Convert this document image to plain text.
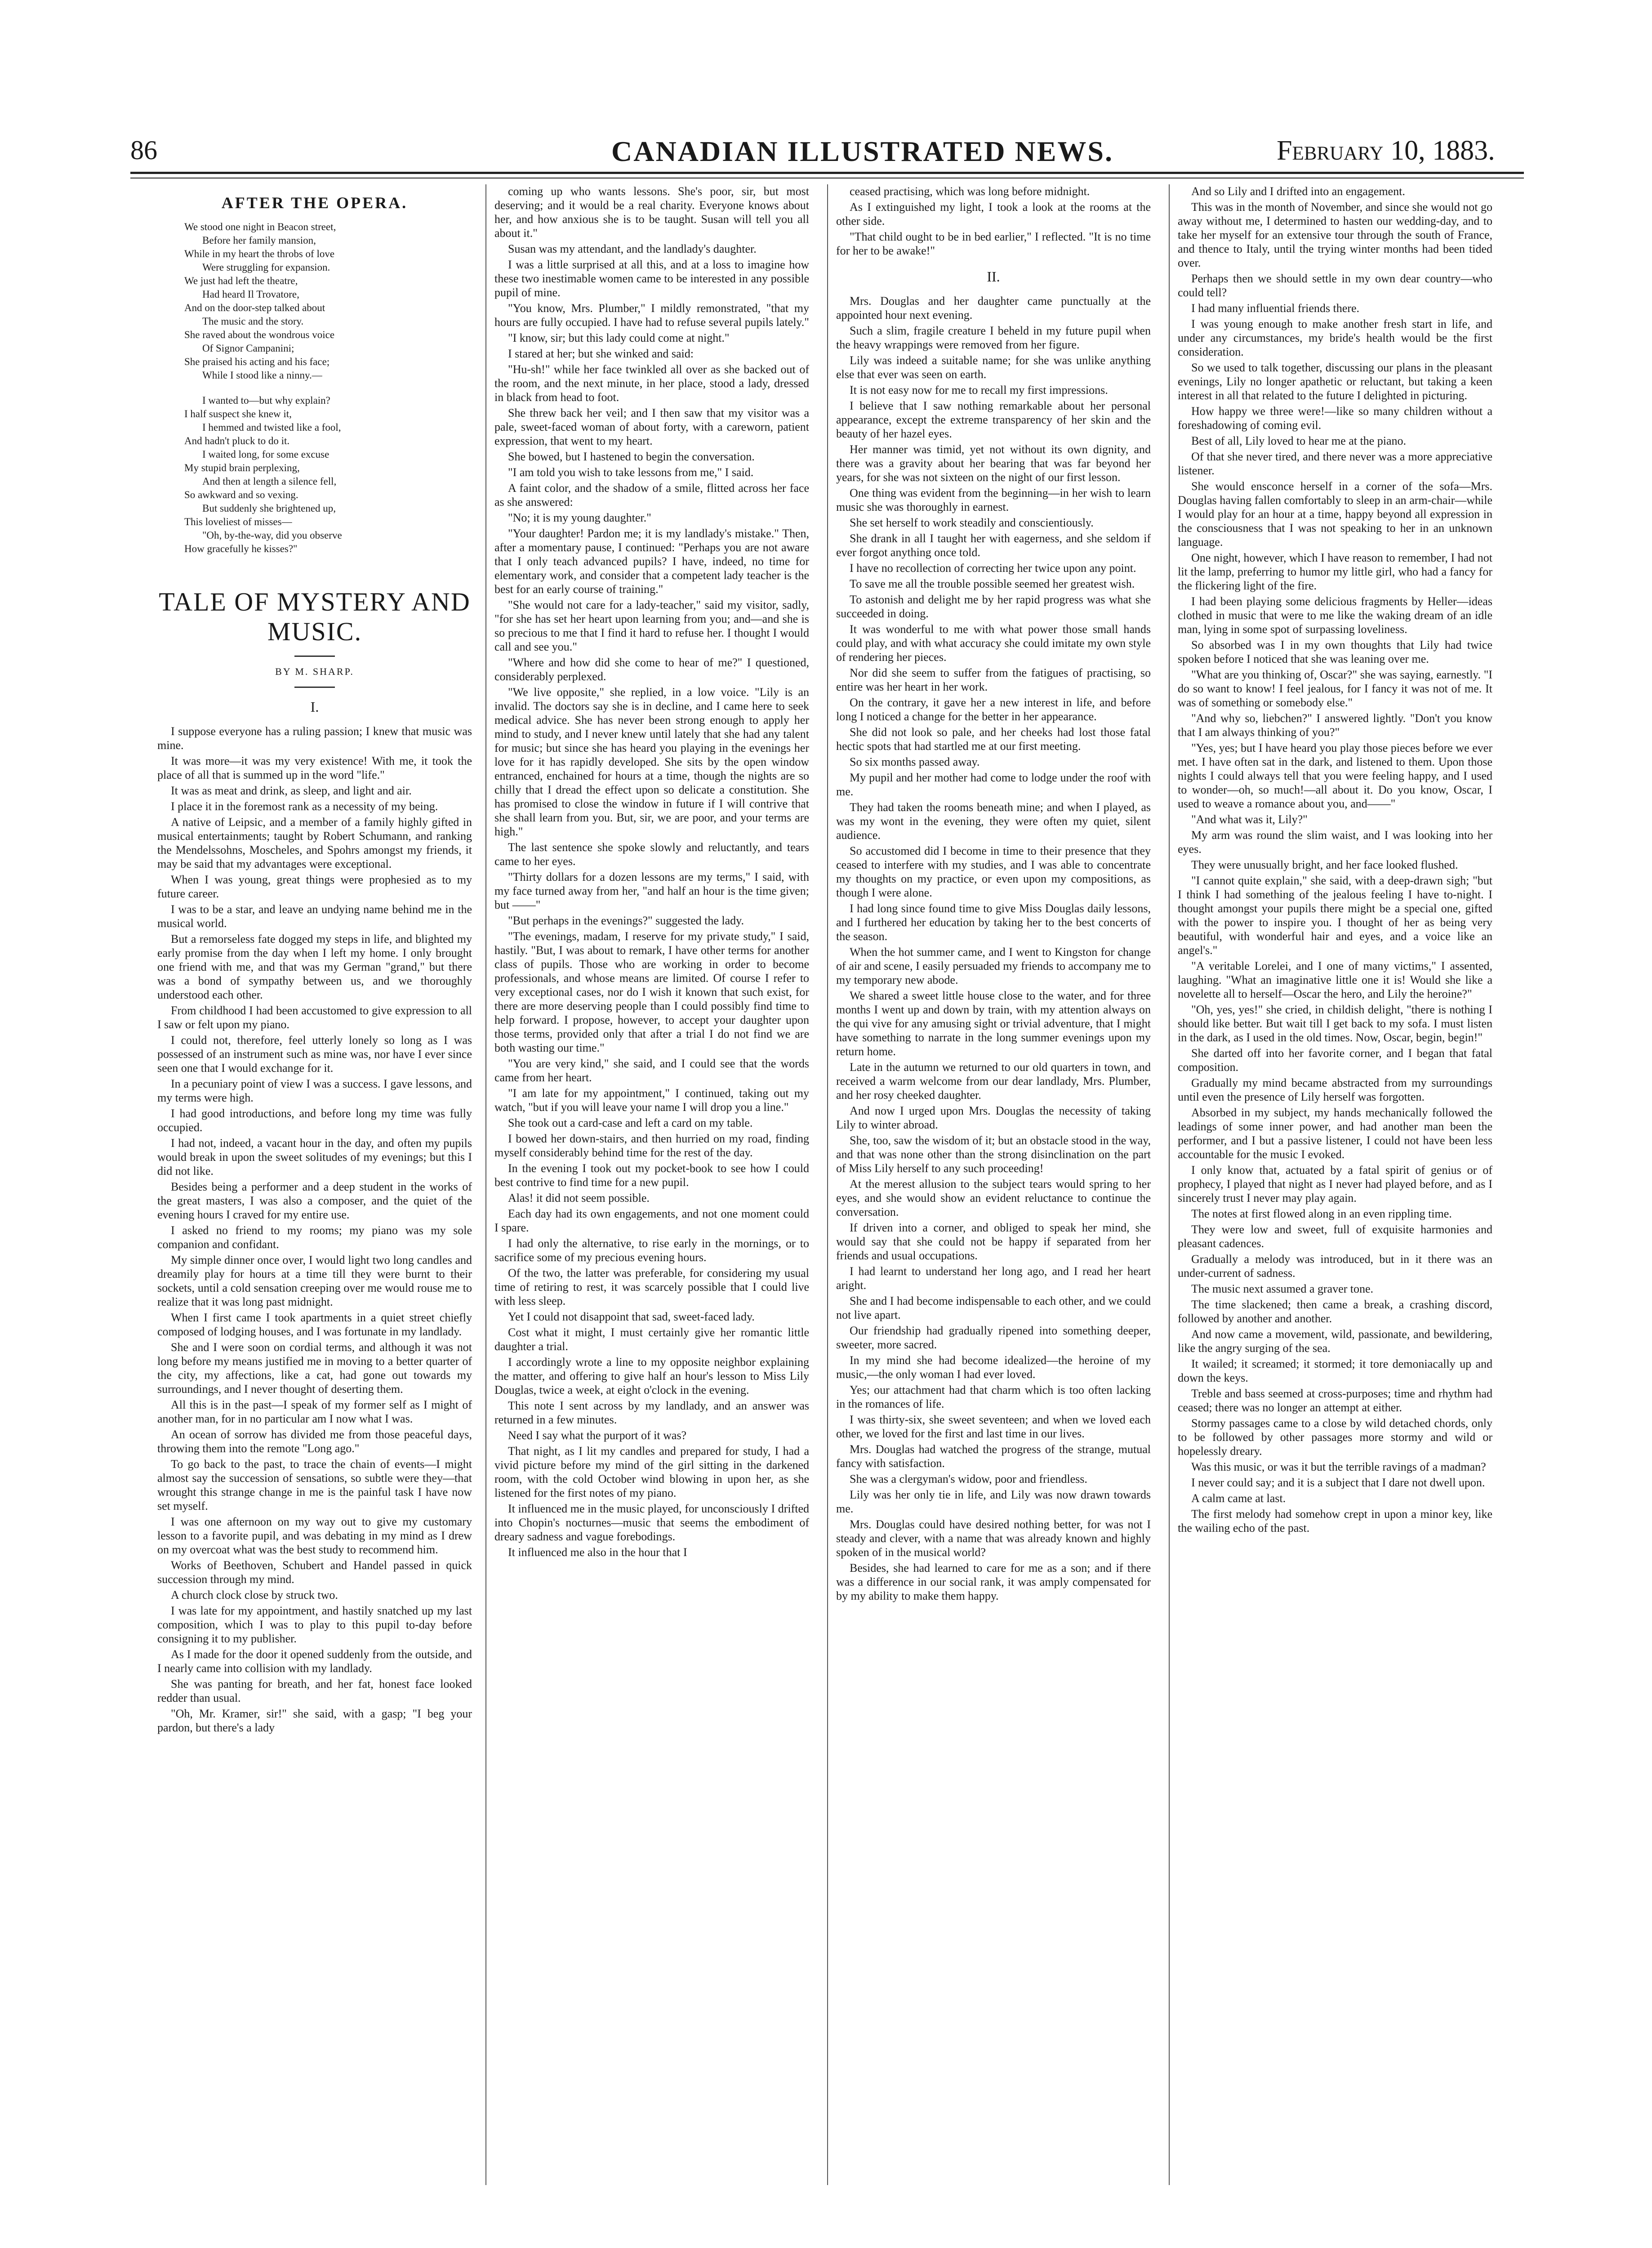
86	CANADIAN ILLUSTRATED NEWS.	February 10, 1883.
AFTER THE OPERA.
We stood one night in Beacon street,
Before her family mansion,
While in my heart the throbs of love
Were struggling for expansion.
We just had left the theatre,
Had heard Il Trovatore,
And on the door-step talked about
The music and the story.
She raved about the wondrous voice
Of Signor Campanini;
She praised his acting and his face;
While I stood like a ninny.—
I wanted to—but why explain?
I half suspect she knew it,
I hemmed and twisted like a fool,
And hadn't pluck to do it.
I waited long, for some excuse
My stupid brain perplexing,
And then at length a silence fell,
So awkward and so vexing.
But suddenly she brightened up,
This loveliest of misses—
"Oh, by-the-way, did you observe
How gracefully he kisses?"
TALE OF MYSTERY AND MUSIC.
BY M. SHARP.
I.

I suppose everyone has a ruling passion; I knew that music was mine.

It was more—it was my very existence! With me, it took the place of all that is summed up in the word "life."

It was as meat and drink, as sleep, and light and air.

I place it in the foremost rank as a necessity of my being.

A native of Leipsic, and a member of a family highly gifted in musical entertainments; taught by Robert Schumann, and ranking the Mendelssohns, Moscheles, and Spohrs amongst my friends, it may be said that my advantages were exceptional.

When I was young, great things were prophesied as to my future career.

I was to be a star, and leave an undying name behind me in the musical world.

But a remorseless fate dogged my steps in life, and blighted my early promise from the day when I left my home. I only brought one friend with me, and that was my German "grand," but there was a bond of sympathy between us, and we thoroughly understood each other.

From childhood I had been accustomed to give expression to all I saw or felt upon my piano.

I could not, therefore, feel utterly lonely so long as I was possessed of an instrument such as mine was, nor have I ever since seen one that I would exchange for it.

In a pecuniary point of view I was a success. I gave lessons, and my terms were high.

I had good introductions, and before long my time was fully occupied.

I had not, indeed, a vacant hour in the day, and often my pupils would break in upon the sweet solitudes of my evenings; but this I did not like.

Besides being a performer and a deep student in the works of the great masters, I was also a composer, and the quiet of the evening hours I craved for my entire use.

I asked no friend to my rooms; my piano was my sole companion and confidant.

My simple dinner once over, I would light two long candles and dreamily play for hours at a time till they were burnt to their sockets, until a cold sensation creeping over me would rouse me to realize that it was long past midnight.

When I first came I took apartments in a quiet street chiefly composed of lodging houses, and I was fortunate in my landlady.

She and I were soon on cordial terms, and although it was not long before my means justified me in moving to a better quarter of the city, my affections, like a cat, had gone out towards my surroundings, and I never thought of deserting them.

All this is in the past—I speak of my former self as I might of another man, for in no particular am I now what I was.

An ocean of sorrow has divided me from those peaceful days, throwing them into the remote "Long ago."

To go back to the past, to trace the chain of events—I might almost say the succession of sensations, so subtle were they—that wrought this strange change in me is the painful task I have now set myself.

I was one afternoon on my way out to give my customary lesson to a favorite pupil, and was debating in my mind as I drew on my overcoat what was the best study to recommend him.

Works of Beethoven, Schubert and Handel passed in quick succession through my mind.

A church clock close by struck two.

I was late for my appointment, and hastily snatched up my last composition, which I was to play to this pupil to-day before consigning it to my publisher.

As I made for the door it opened suddenly from the outside, and I nearly came into collision with my landlady.

She was panting for breath, and her fat, honest face looked redder than usual.

"Oh, Mr. Kramer, sir!" she said, with a gasp; "I beg your pardon, but there's a lady

coming up who wants lessons. She's poor, sir, but most deserving; and it would be a real charity. Everyone knows about her, and how anxious she is to be taught. Susan will tell you all about it."

Susan was my attendant, and the landlady's daughter.

I was a little surprised at all this, and at a loss to imagine how these two inestimable women came to be interested in any possible pupil of mine.

"You know, Mrs. Plumber," I mildly remonstrated, "that my hours are fully occupied. I have had to refuse several pupils lately."

"I know, sir; but this lady could come at night."

I stared at her; but she winked and said:

"Hu-sh!" while her face twinkled all over as she backed out of the room, and the next minute, in her place, stood a lady, dressed in black from head to foot.

She threw back her veil; and I then saw that my visitor was a pale, sweet-faced woman of about forty, with a careworn, patient expression, that went to my heart.

She bowed, but I hastened to begin the conversation.

"I am told you wish to take lessons from me," I said.

A faint color, and the shadow of a smile, flitted across her face as she answered:

"No; it is my young daughter."

"Your daughter! Pardon me; it is my landlady's mistake." Then, after a momentary pause, I continued: "Perhaps you are not aware that I only teach advanced pupils? I have, indeed, no time for elementary work, and consider that a competent lady teacher is the best for an early course of training."

"She would not care for a lady-teacher," said my visitor, sadly, "for she has set her heart upon learning from you; and—and she is so precious to me that I find it hard to refuse her. I thought I would call and see you."

"Where and how did she come to hear of me?" I questioned, considerably perplexed.

"We live opposite," she replied, in a low voice. "Lily is an invalid. The doctors say she is in decline, and I came here to seek medical advice. She has never been strong enough to apply her mind to study, and I never knew until lately that she had any talent for music; but since she has heard you playing in the evenings her love for it has rapidly developed. She sits by the open window entranced, enchained for hours at a time, though the nights are so chilly that I dread the effect upon so delicate a constitution. She has promised to close the window in future if I will contrive that she shall learn from you. But, sir, we are poor, and your terms are high."

The last sentence she spoke slowly and reluctantly, and tears came to her eyes.

"Thirty dollars for a dozen lessons are my terms," I said, with my face turned away from her, "and half an hour is the time given; but ——"

"But perhaps in the evenings?" suggested the lady.

"The evenings, madam, I reserve for my private study," I said, hastily. "But, I was about to remark, I have other terms for another class of pupils. Those who are working in order to become professionals, and whose means are limited. Of course I refer to very exceptional cases, nor do I wish it known that such exist, for there are more deserving people than I could possibly find time to help forward. I propose, however, to accept your daughter upon those terms, provided only that after a trial I do not find we are both wasting our time."

"You are very kind," she said, and I could see that the words came from her heart.

"I am late for my appointment," I continued, taking out my watch, "but if you will leave your name I will drop you a line."

She took out a card-case and left a card on my table.

I bowed her down-stairs, and then hurried on my road, finding myself considerably behind time for the rest of the day.

In the evening I took out my pocket-book to see how I could best contrive to find time for a new pupil.

Alas! it did not seem possible.

Each day had its own engagements, and not one moment could I spare.

I had only the alternative, to rise early in the mornings, or to sacrifice some of my precious evening hours.

Of the two, the latter was preferable, for considering my usual time of retiring to rest, it was scarcely possible that I could live with less sleep.

Yet I could not disappoint that sad, sweet-faced lady.

Cost what it might, I must certainly give her romantic little daughter a trial.

I accordingly wrote a line to my opposite neighbor explaining the matter, and offering to give half an hour's lesson to Miss Lily Douglas, twice a week, at eight o'clock in the evening.

This note I sent across by my landlady, and an answer was returned in a few minutes.

Need I say what the purport of it was?

That night, as I lit my candles and prepared for study, I had a vivid picture before my mind of the girl sitting in the darkened room, with the cold October wind blowing in upon her, as she listened for the first notes of my piano.

It influenced me in the music played, for unconsciously I drifted into Chopin's nocturnes—music that seems the embodiment of dreary sadness and vague forebodings.

It influenced me also in the hour that I

ceased practising, which was long before midnight.

As I extinguished my light, I took a look at the rooms at the other side.

"That child ought to be in bed earlier," I reflected. "It is no time for her to be awake!"

II.

Mrs. Douglas and her daughter came punctually at the appointed hour next evening.

Such a slim, fragile creature I beheld in my future pupil when the heavy wrappings were removed from her figure.

Lily was indeed a suitable name; for she was unlike anything else that ever was seen on earth.

It is not easy now for me to recall my first impressions.

I believe that I saw nothing remarkable about her personal appearance, except the extreme transparency of her skin and the beauty of her hazel eyes.

Her manner was timid, yet not without its own dignity, and there was a gravity about her bearing that was far beyond her years, for she was not sixteen on the night of our first lesson.

One thing was evident from the beginning—in her wish to learn music she was thoroughly in earnest.

She set herself to work steadily and conscientiously.

She drank in all I taught her with eagerness, and she seldom if ever forgot anything once told.

I have no recollection of correcting her twice upon any point.

To save me all the trouble possible seemed her greatest wish.

To astonish and delight me by her rapid progress was what she succeeded in doing.

It was wonderful to me with what power those small hands could play, and with what accuracy she could imitate my own style of rendering her pieces.

Nor did she seem to suffer from the fatigues of practising, so entire was her heart in her work.

On the contrary, it gave her a new interest in life, and before long I noticed a change for the better in her appearance.

She did not look so pale, and her cheeks had lost those fatal hectic spots that had startled me at our first meeting.

So six months passed away.

My pupil and her mother had come to lodge under the roof with me.

They had taken the rooms beneath mine; and when I played, as was my wont in the evening, they were often my quiet, silent audience.

So accustomed did I become in time to their presence that they ceased to interfere with my studies, and I was able to concentrate my thoughts on my practice, or even upon my compositions, as though I were alone.

I had long since found time to give Miss Douglas daily lessons, and I furthered her education by taking her to the best concerts of the season.

When the hot summer came, and I went to Kingston for change of air and scene, I easily persuaded my friends to accompany me to my temporary new abode.

We shared a sweet little house close to the water, and for three months I went up and down by train, with my attention always on the qui vive for any amusing sight or trivial adventure, that I might have something to narrate in the long summer evenings upon my return home.

Late in the autumn we returned to our old quarters in town, and received a warm welcome from our dear landlady, Mrs. Plumber, and her rosy cheeked daughter.

And now I urged upon Mrs. Douglas the necessity of taking Lily to winter abroad.

She, too, saw the wisdom of it; but an obstacle stood in the way, and that was none other than the strong disinclination on the part of Miss Lily herself to any such proceeding!

At the merest allusion to the subject tears would spring to her eyes, and she would show an evident reluctance to continue the conversation.

If driven into a corner, and obliged to speak her mind, she would say that she could not be happy if separated from her friends and usual occupations.

I had learnt to understand her long ago, and I read her heart aright.

She and I had become indispensable to each other, and we could not live apart.

Our friendship had gradually ripened into something deeper, sweeter, more sacred.

In my mind she had become idealized—the heroine of my music,—the only woman I had ever loved.

Yes; our attachment had that charm which is too often lacking in the romances of life.

I was thirty-six, she sweet seventeen; and when we loved each other, we loved for the first and last time in our lives.

Mrs. Douglas had watched the progress of the strange, mutual fancy with satisfaction.

She was a clergyman's widow, poor and friendless.

Lily was her only tie in life, and Lily was now drawn towards me.

Mrs. Douglas could have desired nothing better, for was not I steady and clever, with a name that was already known and highly spoken of in the musical world?

Besides, she had learned to care for me as a son; and if there was a difference in our social rank, it was amply compensated for by my ability to make them happy.

And so Lily and I drifted into an engagement.

This was in the month of November, and since she would not go away without me, I determined to hasten our wedding-day, and to take her myself for an extensive tour through the south of France, and thence to Italy, until the trying winter months had been tided over.

Perhaps then we should settle in my own dear country—who could tell?

I had many influential friends there.

I was young enough to make another fresh start in life, and under any circumstances, my bride's health would be the first consideration.

So we used to talk together, discussing our plans in the pleasant evenings, Lily no longer apathetic or reluctant, but taking a keen interest in all that related to the future I delighted in picturing.

How happy we three were!—like so many children without a foreshadowing of coming evil.

Best of all, Lily loved to hear me at the piano.

Of that she never tired, and there never was a more appreciative listener.

She would ensconce herself in a corner of the sofa—Mrs. Douglas having fallen comfortably to sleep in an arm-chair—while I would play for an hour at a time, happy beyond all expression in the consciousness that I was not speaking to her in an unknown language.

One night, however, which I have reason to remember, I had not lit the lamp, preferring to humor my little girl, who had a fancy for the flickering light of the fire.

I had been playing some delicious fragments by Heller—ideas clothed in music that were to me like the waking dream of an idle man, lying in some spot of surpassing loveliness.

So absorbed was I in my own thoughts that Lily had twice spoken before I noticed that she was leaning over me.

"What are you thinking of, Oscar?" she was saying, earnestly. "I do so want to know! I feel jealous, for I fancy it was not of me. It was of something or somebody else."

"And why so, liebchen?" I answered lightly. "Don't you know that I am always thinking of you?"

"Yes, yes; but I have heard you play those pieces before we ever met. I have often sat in the dark, and listened to them. Upon those nights I could always tell that you were feeling happy, and I used to wonder—oh, so much!—all about it. Do you know, Oscar, I used to weave a romance about you, and——"

"And what was it, Lily?"

My arm was round the slim waist, and I was looking into her eyes.

They were unusually bright, and her face looked flushed.

"I cannot quite explain," she said, with a deep-drawn sigh; "but I think I had something of the jealous feeling I have to-night. I thought amongst your pupils there might be a special one, gifted with the power to inspire you. I thought of her as being very beautiful, with wonderful hair and eyes, and a voice like an angel's."

"A veritable Lorelei, and I one of many victims," I assented, laughing. "What an imaginative little one it is! Would she like a novelette all to herself—Oscar the hero, and Lily the heroine?"

"Oh, yes, yes!" she cried, in childish delight, "there is nothing I should like better. But wait till I get back to my sofa. I must listen in the dark, as I used in the old times. Now, Oscar, begin, begin!"

She darted off into her favorite corner, and I began that fatal composition.

Gradually my mind became abstracted from my surroundings until even the presence of Lily herself was forgotten.

Absorbed in my subject, my hands mechanically followed the leadings of some inner power, and had another man been the performer, and I but a passive listener, I could not have been less accountable for the music I evoked.

I only know that, actuated by a fatal spirit of genius or of prophecy, I played that night as I never had played before, and as I sincerely trust I never may play again.

The notes at first flowed along in an even rippling time.

They were low and sweet, full of exquisite harmonies and pleasant cadences.

Gradually a melody was introduced, but in it there was an under-current of sadness.

The music next assumed a graver tone.

The time slackened; then came a break, a crashing discord, followed by another and another.

And now came a movement, wild, passionate, and bewildering, like the angry surging of the sea.

It wailed; it screamed; it stormed; it tore demoniacally up and down the keys.

Treble and bass seemed at cross-purposes; time and rhythm had ceased; there was no longer an attempt at either.

Stormy passages came to a close by wild detached chords, only to be followed by other passages more stormy and wild or hopelessly dreary.

Was this music, or was it but the terrible ravings of a madman?

I never could say; and it is a subject that I dare not dwell upon.

A calm came at last.

The first melody had somehow crept in upon a minor key, like the wailing echo of the past.
